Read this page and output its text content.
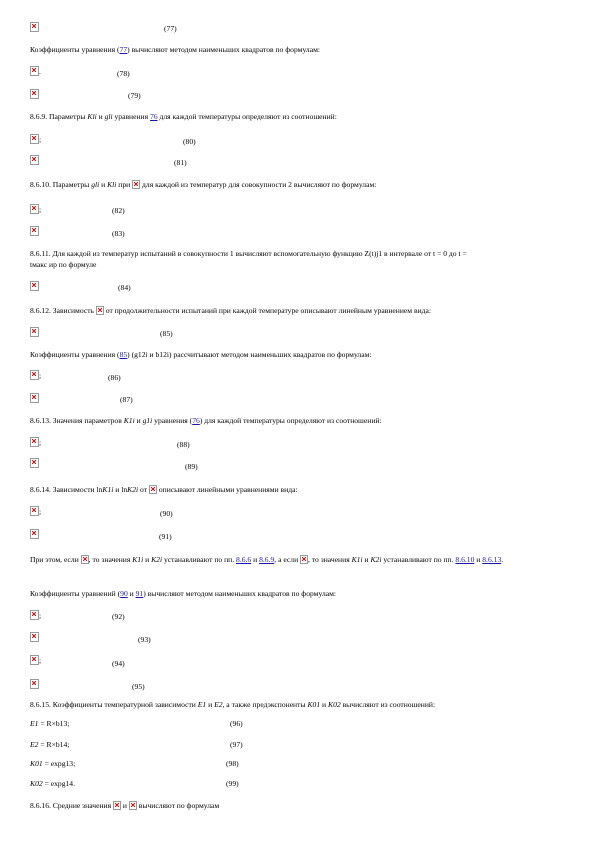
(77)
Коэффициенты уравнения (77) вычисляют методом наименьших квадратов по формулам:
.	(78)
(79)
8.6.9. Параметры Kli и gli уравнения 76 для каждой температуры определяют из соотношений:
;	(80)
(81)
8.6.10. Параметры gli и Kli при  для каждой из температур для совокупности 2 вычисляют по формулам:
;	(82)
(83)
8.6.11. Для каждой из температур испытаний в совокупности 1 вычисляют вспомогательную функцию Z(t)j1 в интервале от t = 0 до t =
tмакс ир по формуле
(84)
8.6.12. Зависимость  от продолжительности испытаний при каждой температуре описывают линейным уравнением вида:
(85)
Коэффициенты уравнения (85) (g12i и b12i) рассчитывают методом наименьших квадратов по формулам:
;	(86)
(87)
8.6.13. Значения параметров K1i и g1i уравнения (76) для каждой температуры определяют из соотношений:
;	(88)
(89)
8.6.14. Зависимости lnK1i и lnK2i от  описывают линейными уравнениями вида:
;	(90)
(91)
При этом, если , то значения K1i и K2i устанавливают по пп. 8.6.6 и 8.6.9, а если , то значения K1i и K2i устанавливают по пп. 8.6.10 и 8.6.13.
Коэффициенты уравнений (90 и 91) вычисляют методом наименьших квадратов по формулам:
;	(92)
(93)
;	(94)
(95)
8.6.15. Коэффициенты температурной зависимости E1 и E2, а также предэкспоненты K01 и K02 вычисляют из соотношений:
E1 = R×b13;	(96)
E2 = R×b14;	(97)
K01 = expg13;	(98)
K02 = expg14.	(99)
8.6.16. Средние значения  и  вычисляют по формулам
